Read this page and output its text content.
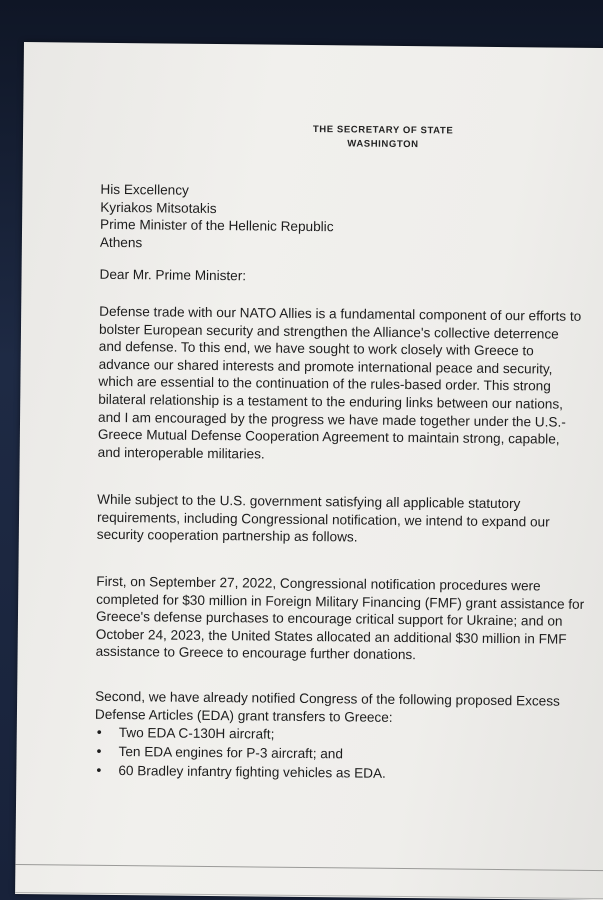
THE SECRETARY OF STATE
WASHINGTON
His Excellency
Kyriakos Mitsotakis
Prime Minister of the Hellenic Republic
Athens
Dear Mr. Prime Minister:
Defense trade with our NATO Allies is a fundamental component of our efforts to bolster European security and strengthen the Alliance's collective deterrence and defense. To this end, we have sought to work closely with Greece to advance our shared interests and promote international peace and security, which are essential to the continuation of the rules-based order. This strong bilateral relationship is a testament to the enduring links between our nations, and I am encouraged by the progress we have made together under the U.S.-Greece Mutual Defense Cooperation Agreement to maintain strong, capable, and interoperable militaries.
While subject to the U.S. government satisfying all applicable statutory requirements, including Congressional notification, we intend to expand our security cooperation partnership as follows.
First, on September 27, 2022, Congressional notification procedures were completed for $30 million in Foreign Military Financing (FMF) grant assistance for Greece's defense purchases to encourage critical support for Ukraine; and on October 24, 2023, the United States allocated an additional $30 million in FMF assistance to Greece to encourage further donations.
Second, we have already notified Congress of the following proposed Excess Defense Articles (EDA) grant transfers to Greece:
• Two EDA C-130H aircraft;
• Ten EDA engines for P-3 aircraft; and
• 60 Bradley infantry fighting vehicles as EDA.
